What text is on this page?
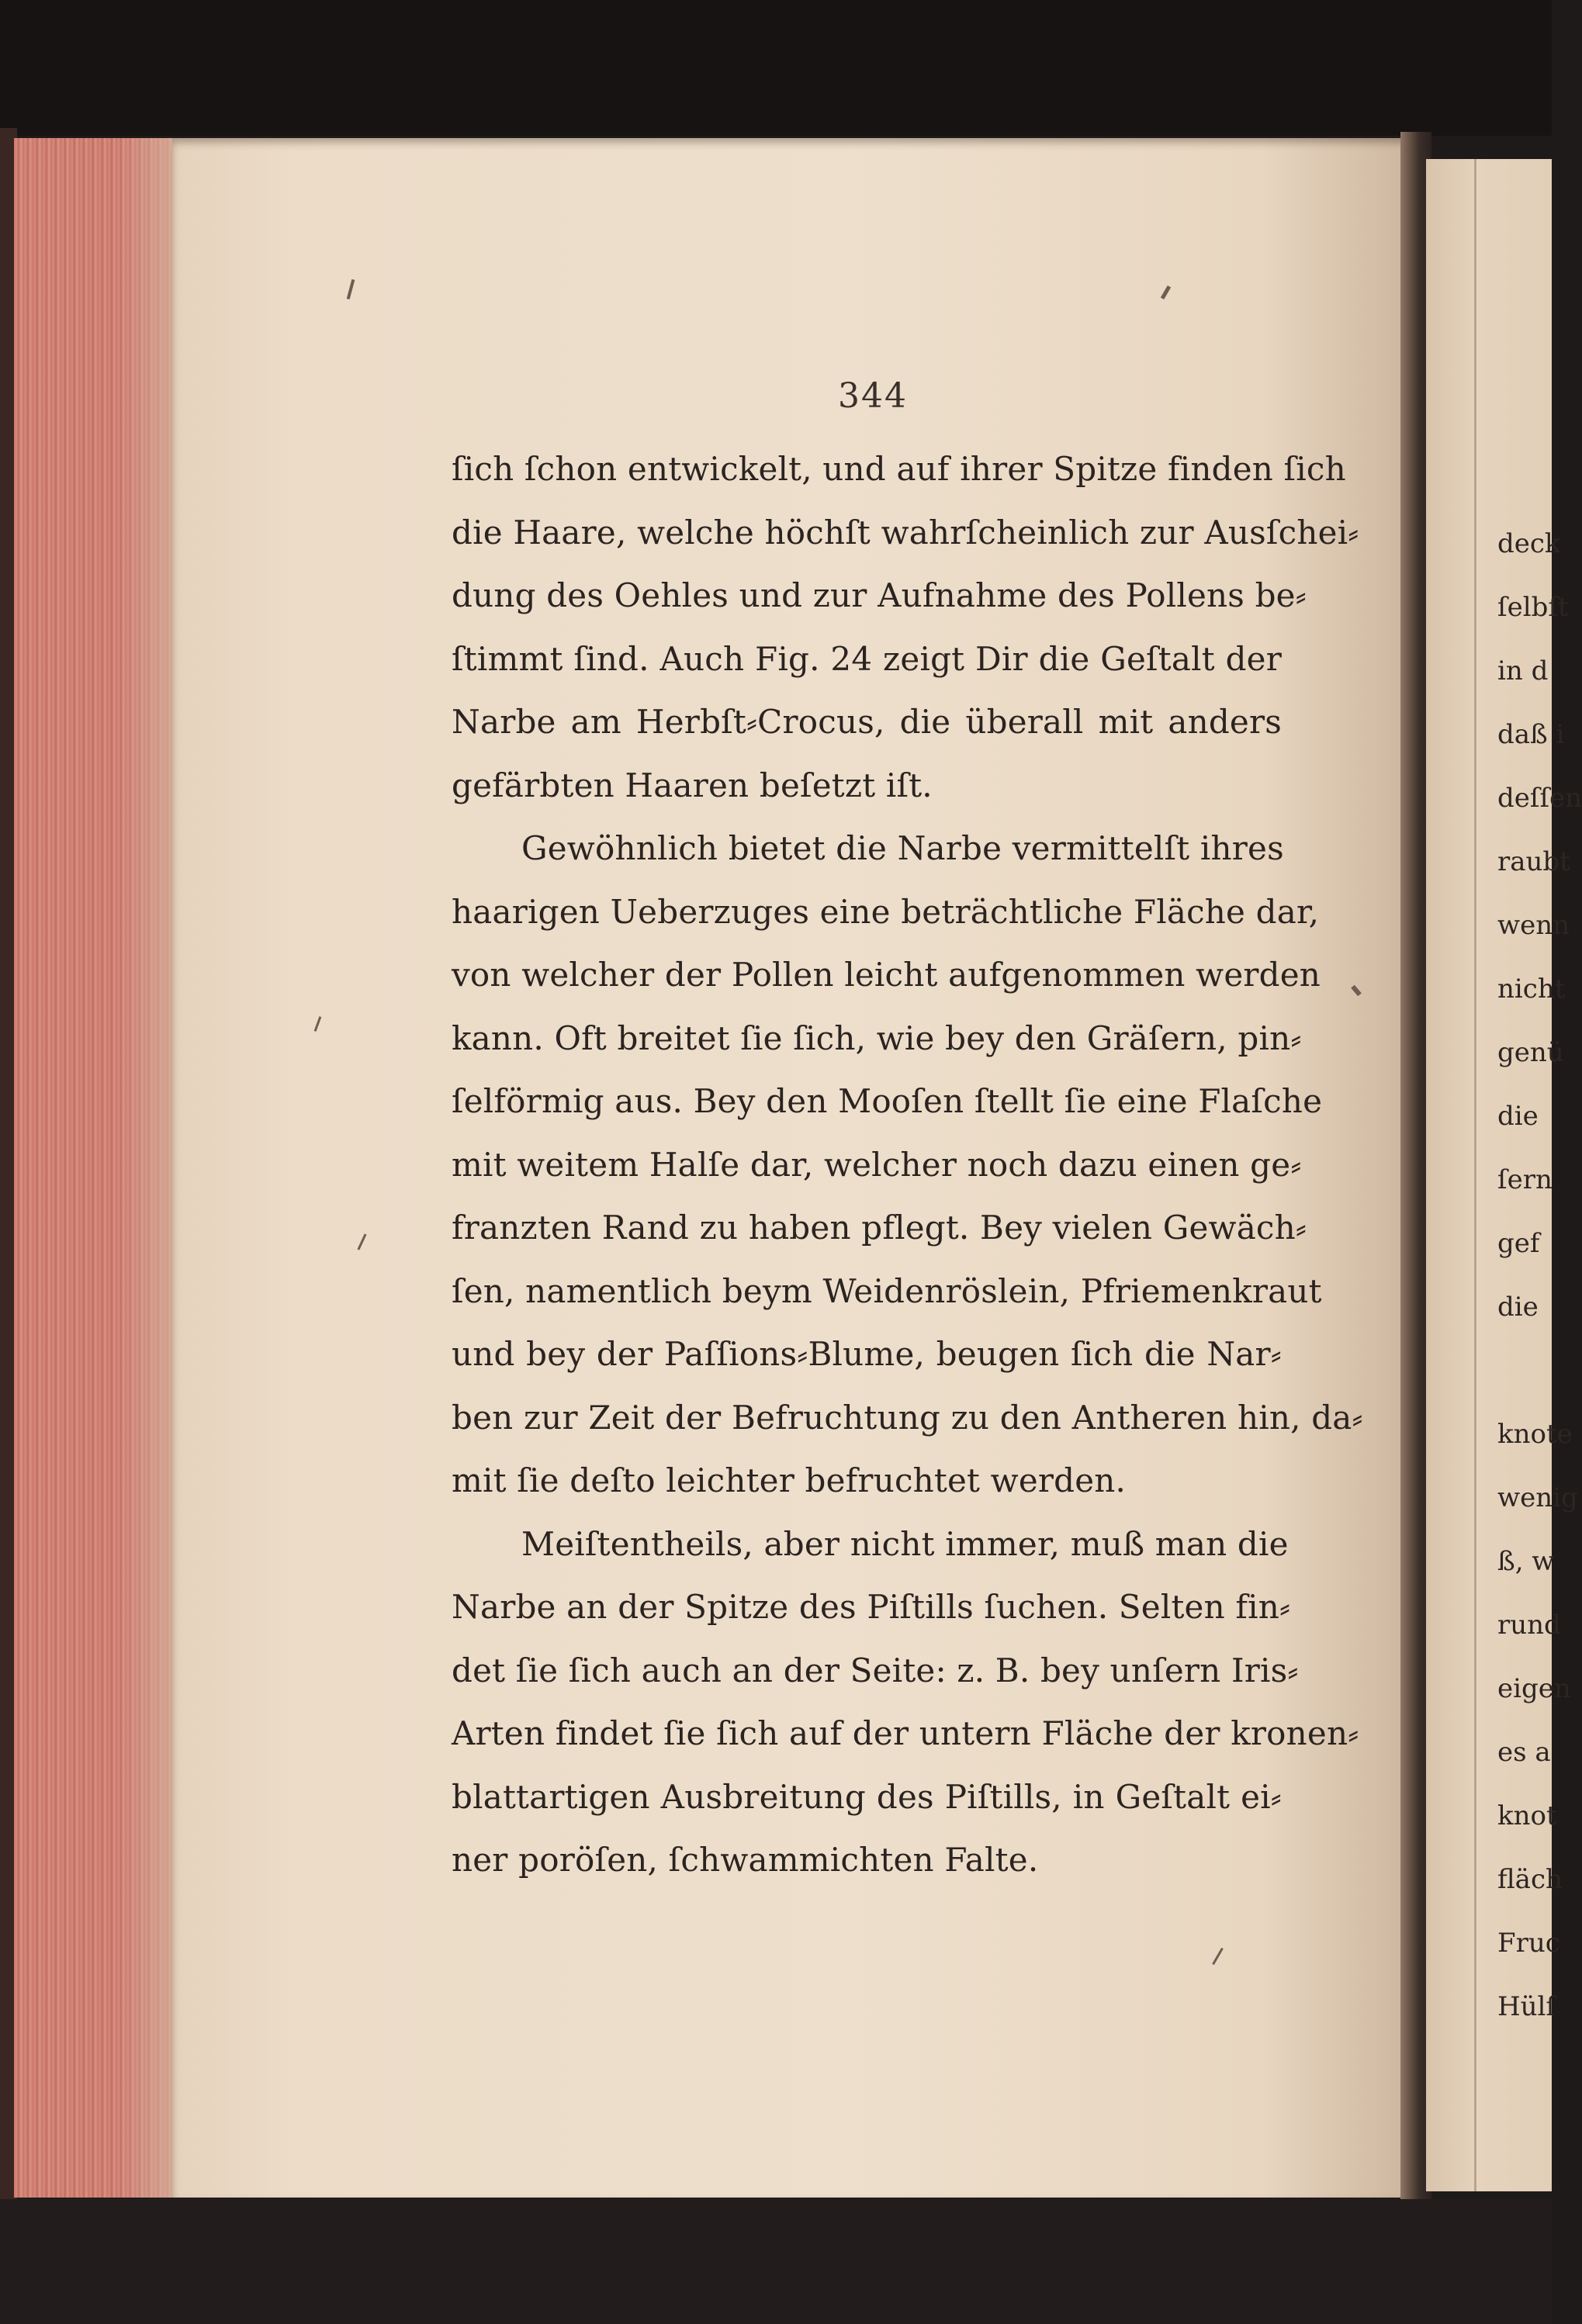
deck
ſelbſt
in d
daß i
deſſen
raubt
wenn
nicht
genü
die
ſern
gef
die
knote
wenig
ß, w
rund
eigen
es a
knot
fläch
Fruc
Hülſ
344
ſich ſchon entwickelt, und auf ihrer Spitze finden ſich
die Haare, welche höchſt wahrſcheinlich zur Ausſchei⸗
dung des Oehles und zur Aufnahme des Pollens be⸗
ſtimmt ſind. Auch Fig. 24 zeigt Dir die Geſtalt der
Narbe am Herbſt⸗Crocus, die überall mit anders
gefärbten Haaren beſetzt iſt.
Gewöhnlich bietet die Narbe vermittelſt ihres
haarigen Ueberzuges eine beträchtliche Fläche dar,
von welcher der Pollen leicht aufgenommen werden
kann. Oft breitet ſie ſich, wie bey den Gräſern, pin⸗
ſelförmig aus. Bey den Mooſen ſtellt ſie eine Flaſche
mit weitem Halſe dar, welcher noch dazu einen ge⸗
franzten Rand zu haben pflegt. Bey vielen Gewäch⸗
ſen, namentlich beym Weidenröslein, Pfriemenkraut
und bey der Paſſions⸗Blume, beugen ſich die Nar⸗
ben zur Zeit der Befruchtung zu den Antheren hin, da⸗
mit ſie deſto leichter befruchtet werden.
Meiſtentheils, aber nicht immer, muß man die
Narbe an der Spitze des Piſtills ſuchen. Selten fin⸗
det ſie ſich auch an der Seite: z. B. bey unſern Iris⸗
Arten findet ſie ſich auf der untern Fläche der kronen⸗
blattartigen Ausbreitung des Piſtills, in Geſtalt ei⸗
ner poröſen, ſchwammichten Falte.
